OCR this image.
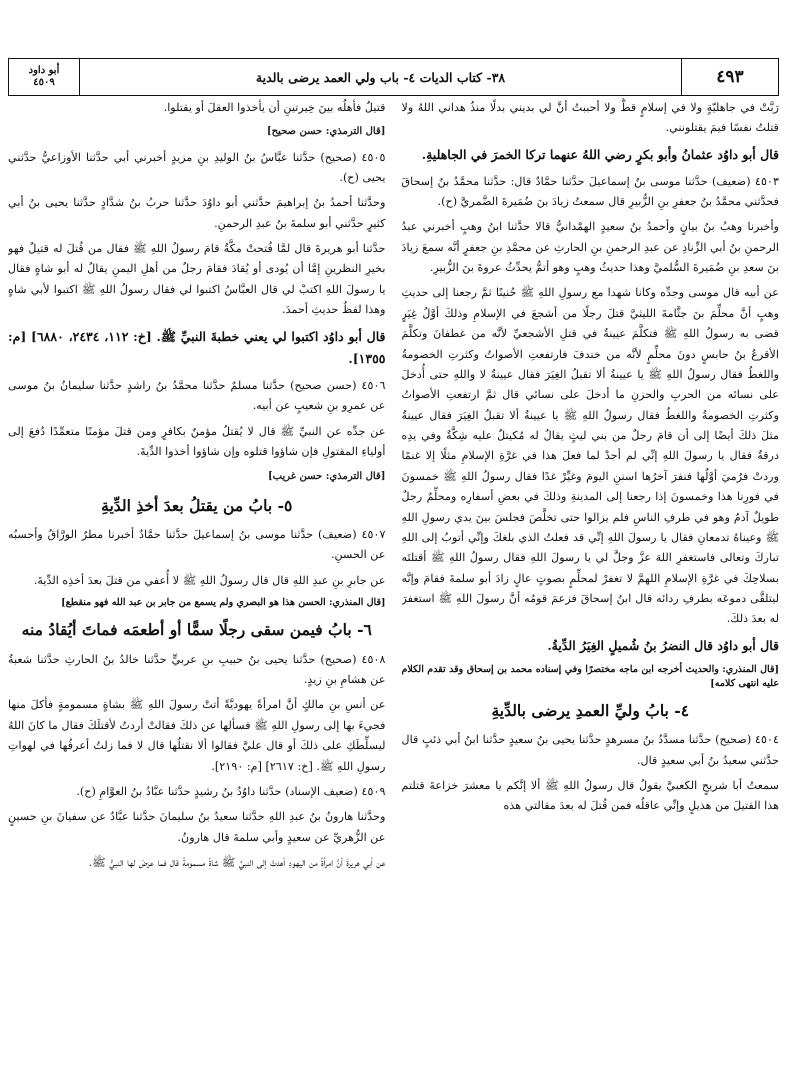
٤٩٣
٣٨- كتاب الديات ٤- باب ولي العمد يرضى بالدية
أبو داود
٤٥٠٩

رَبَّتْ في جاهليّةٍ ولا في إسلامٍ قطُّ ولا أحببتُ أنَّ لي بديني بدلًا منذُ هداني اللهُ ولا قتلتُ نفسًا فيمَ يقتلونني.

قال أبو داوُد عثمانُ وأبو بكرٍ رضي اللهُ عنهما تركا الخمرَ في الجاهليةِ.

٤٥٠٣ (ضعيف) حدَّثنا موسى بنُ إسماعيلَ حدَّثنا حمَّادٌ قال: حدَّثنا محمَّدُ بنُ إسحاقَ فحدَّثني محمَّدُ بنُ جعفرِ بنِ الزُّبيرِ قال سمعتُ زيادَ بنَ ضُمَيرةَ الضَّمريَّ (ح).

وأخبرنا وهبُ بنُ بيانٍ وأحمدُ بنُ سعيدٍ الهمْدانيُّ قالا حدَّثنا ابنُ وهبٍ أخبرني عبدُ الرحمنِ بنُ أبي الزِّنادِ عن عبدِ الرحمنِ بنِ الحارثِ عن محمَّدِ بنِ جعفرٍ أنَّه سمعَ زيادَ بنَ سعدِ بنِ ضُمَيرةَ السُّلميَّ وهذا حديثُ وهبٍ وهو أتمُّ يحدِّثُ عروةَ بنَ الزُّبيرِ.

عن أبيه قال موسى وجدِّه وكانا شهدا مع رسولِ اللهِ ﷺ حُنينًا ثمَّ رجعنا إلى حديثِ وهبٍ أنَّ محلِّمَ بنَ جثَّامةَ الليثيَّ قتلَ رجلًا من أشجعَ في الإسلامِ وذلكَ أوَّلُ غِيَرٍ قضى به رسولُ اللهِ ﷺ فتكلَّمَ عيينةُ في قتلِ الأشجعيِّ لأنَّه من غطفانَ وتكلَّمَ الأقرعُ بنُ حابسٍ دونَ محلِّمٍ لأنَّه من خندفَ فارتفعتِ الأصواتُ وكثرتِ الخصومةُ واللغطُ فقال رسولُ اللهِ ﷺ يا عيينةُ ألا تقبلُ الغِيَرَ فقال عيينةُ لا واللهِ حتى أُدخلَ على نسائه من الحربِ والحزنِ ما أدخلَ على نسائي قال ثمَّ ارتفعتِ الأصواتُ وكثرتِ الخصومةُ واللغطُ فقال رسولُ اللهِ ﷺ يا عيينةُ ألا تقبلُ الغِيَرَ فقال عيينةُ مثلَ ذلكَ أيضًا إلى أن قامَ رجلٌ من بني ليثٍ يقالُ له مُكيتلٌ عليه شِكَّةٌ وفي يدِه درقةٌ فقال يا رسولَ اللهِ إنِّي لم أجدْ لما فعلَ هذا في غرَّةِ الإسلامِ مثلًا إلا غنمًا وردتْ فرُميَ أوَّلُها فنفرَ آخرُها اسننِ اليومَ وغيِّرْ غدًا فقال رسولُ اللهِ ﷺ خمسونَ في فورِنا هذا وخمسونَ إذا رجعنا إلى المدينةِ وذلكَ في بعضِ أسفارِه ومحلِّمٌ رجلٌ طويلٌ آدمُ وهو في طرفِ الناسِ فلم يزالوا حتى تخلَّصَ فجلسَ بينَ يدي رسولِ اللهِ ﷺ وعيناهُ تدمعانِ فقال يا رسولَ اللهِ إنِّي قد فعلتُ الذي بلغكَ وإنِّي أتوبُ إلى اللهِ تباركَ وتعالى فاستغفرِ اللهَ عزَّ وجلَّ لي يا رسولَ اللهِ فقال رسولُ اللهِ ﷺ أقتلتَه بسلاحِكَ في غرَّةِ الإسلامِ اللهمَّ لا تغفرْ لمحلِّمٍ بصوتٍ عالٍ زادَ أبو سلمةَ فقامَ وإنَّه ليتلقَّى دموعَه بطرفِ ردائه قال ابنُ إسحاقَ فزعمَ قومُه أنَّ رسولَ اللهِ ﷺ استغفرَ له بعدَ ذلكَ.

قال أبو داوُد قال النضرُ بنُ شُميلٍ الغِيَرُ الدِّيةُ.

[قال المنذري: والحديث أخرجه ابن ماجه مختصرًا وفي إسناده محمد بن إسحاق وقد تقدم الكلام عليه انتهى كلامه]

٤- بابُ وليِّ العمدِ يرضى بالدِّيةِ

٤٥٠٤ (صحيح) حدَّثنا مسدَّدُ بنُ مسرهدٍ حدَّثنا يحيى بنُ سعيدٍ حدَّثنا ابنُ أبي ذئبٍ قال حدَّثني سعيدُ بنُ أبي سعيدٍ قال.

سمعتُ أبا شريحٍ الكعبيَّ يقولُ قال رسولُ اللهِ ﷺ ألا إنَّكم يا معشرَ خزاعةَ قتلتم هذا القتيلَ من هذيلٍ وإنِّي عاقلُه فمن قُتلَ له بعدَ مقالتي هذه

قتيلٌ فأهلُه بينَ خِيرتينِ أن يأخذوا العقلَ أو يقتلوا.

[قال الترمذي: حسن صحيح]

٤٥٠٥ (صحيح) حدَّثنا عبَّاسُ بنُ الوليدِ بنِ مزيدٍ أخبرني أبي حدَّثنا الأوزاعيُّ حدَّثني يحيى (ح).

وحدَّثنا أحمدُ بنُ إبراهيمَ حدَّثني أبو داوُدَ حدَّثنا حربُ بنُ شدَّادٍ حدَّثنا يحيى بنُ أبي كثيرٍ حدَّثني أبو سلمةَ بنُ عبدِ الرحمنِ.

حدَّثنا أبو هريرةَ قال لمَّا فُتحتْ مكَّةُ قامَ رسولُ اللهِ ﷺ فقال من قُتلَ له قتيلٌ فهو بخيرِ النظرينِ إمَّا أن يُودى أو يُقادَ فقامَ رجلٌ من أهلِ اليمنِ يقالُ له أبو شاهٍ فقال يا رسولَ اللهِ اكتبْ لي قال العبَّاسُ اكتبوا لي فقال رسولُ اللهِ ﷺ اكتبوا لأبي شاهٍ وهذا لفظُ حديثِ أحمدَ.

قال أبو داوُد اكتبوا لي يعني خطبةَ النبيِّ ﷺ. [خ: ١١٢، ٢٤٣٤، ٦٨٨٠] [م: ١٣٥٥].

٤٥٠٦ (حسن صحيح) حدَّثنا مسلمٌ حدَّثنا محمَّدُ بنُ راشدٍ حدَّثنا سليمانُ بنُ موسى عن عمرِو بنِ شعيبٍ عن أبيه.

عن جدِّه عن النبيِّ ﷺ قال لا يُقتلُ مؤمنٌ بكافرٍ ومن قتلَ مؤمنًا متعمِّدًا دُفعَ إلى أولياءِ المقتولِ فإن شاؤوا قتلوه وإن شاؤوا أخذوا الدِّيةَ.

[قال الترمذي: حسن غريب]

٥- بابُ من يقتلُ بعدَ أخذِ الدِّيةِ

٤٥٠٧ (ضعيف) حدَّثنا موسى بنُ إسماعيلَ حدَّثنا حمَّادٌ أخبرنا مطرٌ الورَّاقُ وأحسبُه عن الحسنِ.

عن جابرِ بنِ عبدِ اللهِ قال قال رسولُ اللهِ ﷺ لا أُعفي من قتلَ بعدَ أخذِه الدِّيةَ.

[قال المنذري: الحسن هذا هو البصري ولم يسمع من جابر بن عبد الله فهو منقطع]

٦- بابُ فيمن سقى رجلًا سمًّا أو أطعمَه فماتَ أيُقادُ منه

٤٥٠٨ (صحيح) حدَّثنا يحيى بنُ حبيبِ بنِ عربيٍّ حدَّثنا خالدُ بنُ الحارثِ حدَّثنا شعبةُ عن هشامِ بنِ زيدٍ.

عن أنسِ بنِ مالكٍ أنَّ امرأةً يهوديَّةً أتتْ رسولَ اللهِ ﷺ بشاةٍ مسمومةٍ فأكلَ منها فجيءَ بها إلى رسولِ اللهِ ﷺ فسألها عن ذلكَ فقالتْ أردتُ لأقتلَكَ فقال ما كانَ اللهُ ليسلِّطَكِ على ذلكَ أو قال عليَّ فقالوا ألا نقتلُها قال لا فما زلتُ أعرفُها في لهواتِ رسولِ اللهِ ﷺ. [خ: ٢٦١٧] [م: ٢١٩٠].

٤٥٠٩ (ضعيف الإسناد) حدَّثنا داوُدُ بنُ رشيدٍ حدَّثنا عبَّادُ بنُ العوَّامِ (ح).

وحدَّثنا هارونُ بنُ عبدِ اللهِ حدَّثنا سعيدُ بنُ سليمانَ حدَّثنا عبَّادٌ عن سفيانَ بنِ حسينٍ عن الزُّهريِّ عن سعيدٍ وأبي سلمةَ قال هارونُ.

عن أبي هريرةَ أنَّ امرأةً من اليهودِ أهدتْ إلى النبيِّ ﷺ شاةً مسمومةً قال فما عرضَ لها النبيُّ ﷺ.
